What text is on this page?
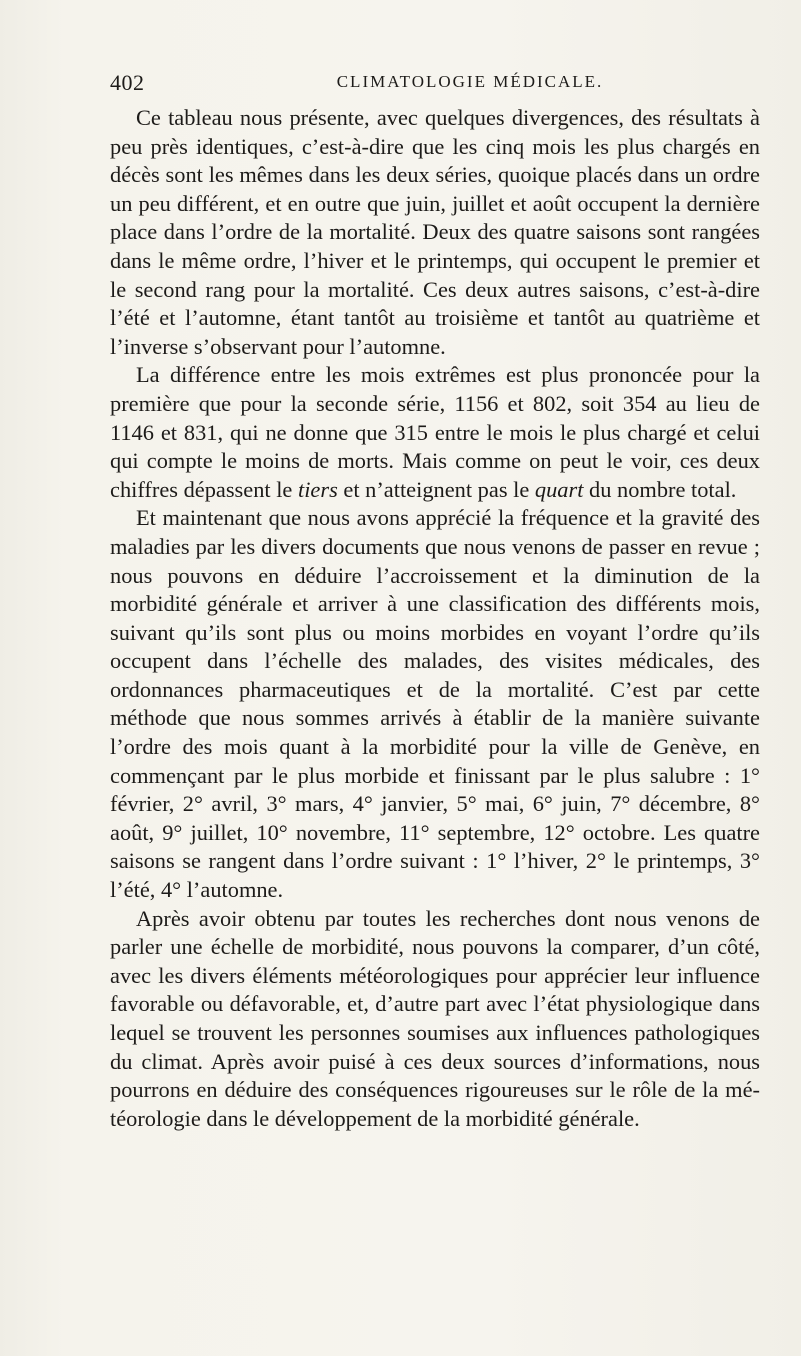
402	CLIMATOLOGIE MÉDICALE.

Ce tableau nous présente, avec quelques divergences, des résultats à peu près identiques, c’est-à-dire que les cinq mois les plus chargés en décès sont les mêmes dans les deux séries, quoique placés dans un ordre un peu différent, et en outre que juin, juillet et août occupent la dernière place dans l’ordre de la mortalité. Deux des quatre saisons sont rangées dans le même ordre, l’hiver et le printemps, qui occupent le premier et le second rang pour la mortalité. Ces deux autres saisons, c’est-à-dire l’été et l’automne, étant tantôt au troisième et tantôt au quatrième et l’inverse s’observant pour l’automne.

La différence entre les mois extrêmes est plus prononcée pour la première que pour la seconde série, 1156 et 802, soit 354 au lieu de 1146 et 831, qui ne donne que 315 entre le mois le plus chargé et celui qui compte le moins de morts. Mais comme on peut le voir, ces deux chiffres dépassent le tiers et n’atteignent pas le quart du nombre total.

Et maintenant que nous avons apprécié la fréquence et la gravité des maladies par les divers documents que nous venons de passer en revue ; nous pouvons en déduire l’accroissement et la diminution de la morbidité générale et arriver à une classification des différents mois, suivant qu’ils sont plus ou moins morbides en voyant l’ordre qu’ils occupent dans l’échelle des malades, des visites médicales, des ordonnances pharmaceutiques et de la mortalité. C’est par cette méthode que nous sommes arrivés à établir de la manière suivante l’ordre des mois quant à la morbidité pour la ville de Genève, en commençant par le plus morbide et finissant par le plus salubre : 1° février, 2° avril, 3° mars, 4° janvier, 5° mai, 6° juin, 7° décembre, 8° août, 9° juillet, 10° novembre, 11° septembre, 12° octobre. Les quatre saisons se rangent dans l’ordre suivant : 1° l’hiver, 2° le printemps, 3° l’été, 4° l’automne.

Après avoir obtenu par toutes les recherches dont nous venons de parler une échelle de morbidité, nous pouvons la comparer, d’un côté, avec les divers éléments météorologiques pour apprécier leur influence favorable ou défavorable, et, d’autre part avec l’état physiologique dans lequel se trouvent les personnes soumises aux influences pathologiques du climat. Après avoir puisé à ces deux sources d’informations, nous pourrons en déduire des conséquences rigoureuses sur le rôle de la météorologie dans le développement de la morbidité générale.
